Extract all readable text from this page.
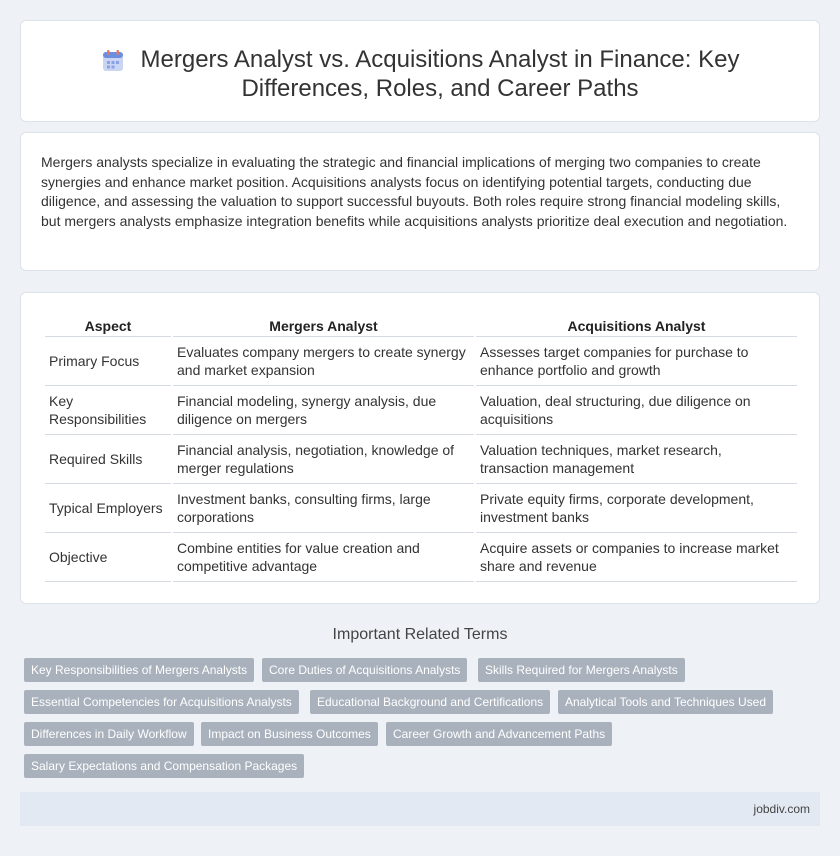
Mergers Analyst vs. Acquisitions Analyst in Finance: Key Differences, Roles, and Career Paths

Mergers analysts specialize in evaluating the strategic and financial implications of merging two companies to create synergies and enhance market position. Acquisitions analysts focus on identifying potential targets, conducting due diligence, and assessing the valuation to support successful buyouts. Both roles require strong financial modeling skills, but mergers analysts emphasize integration benefits while acquisitions analysts prioritize deal execution and negotiation.

Aspect	Mergers Analyst	Acquisitions Analyst
Primary Focus	Evaluates company mergers to create synergy and market expansion	Assesses target companies for purchase to enhance portfolio and growth
Key Responsibilities	Financial modeling, synergy analysis, due diligence on mergers	Valuation, deal structuring, due diligence on acquisitions
Required Skills	Financial analysis, negotiation, knowledge of merger regulations	Valuation techniques, market research, transaction management
Typical Employers	Investment banks, consulting firms, large corporations	Private equity firms, corporate development, investment banks
Objective	Combine entities for value creation and competitive advantage	Acquire assets or companies to increase market share and revenue
Important Related Terms
Key Responsibilities of Mergers Analysts	Core Duties of Acquisitions Analysts	Skills Required for Mergers Analysts
Essential Competencies for Acquisitions Analysts	Educational Background and Certifications	Analytical Tools and Techniques Used
Differences in Daily Workflow	Impact on Business Outcomes	Career Growth and Advancement Paths
Salary Expectations and Compensation Packages
jobdiv.com
